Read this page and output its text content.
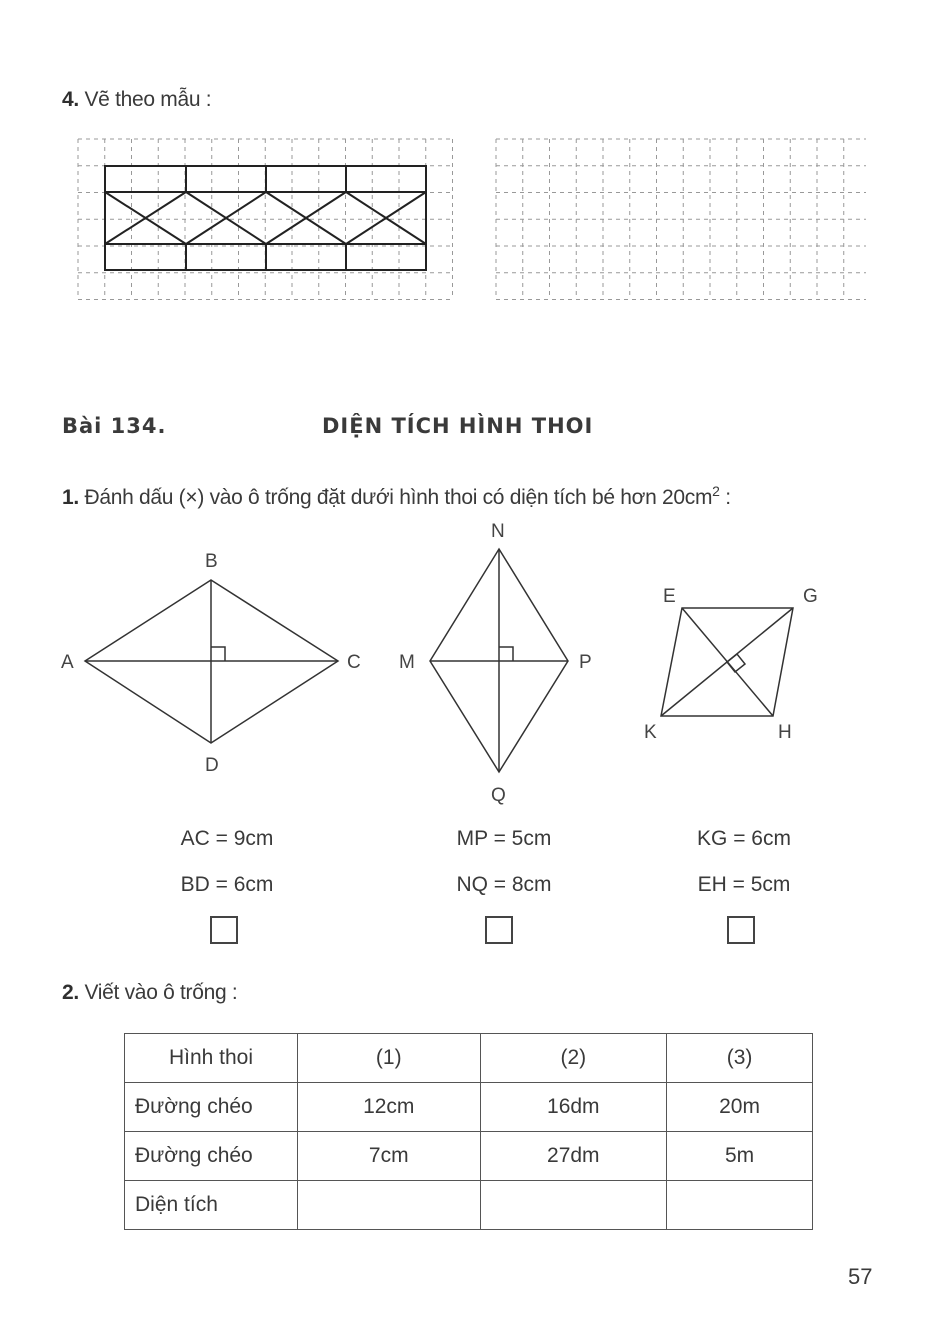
4. Vẽ theo mẫu :
Bài 134.	DIỆN TÍCH HÌNH THOI
1. Đánh dấu (×) vào ô trống đặt dưới hình thoi có diện tích bé hơn $20cm^2$ :
B
A	C
D
N
M	P
Q
E	G
K	H
AC = 9cm
BD = 6cm
MP = 5cm
NQ = 8cm
KG = 6cm
EH = 5cm
2. Viết vào ô trống :
Hình thoi	(1)	(2)	(3)
Đường chéo	12cm	16dm	20m
Đường chéo	7cm	27dm	5m
Diện tích			
57
